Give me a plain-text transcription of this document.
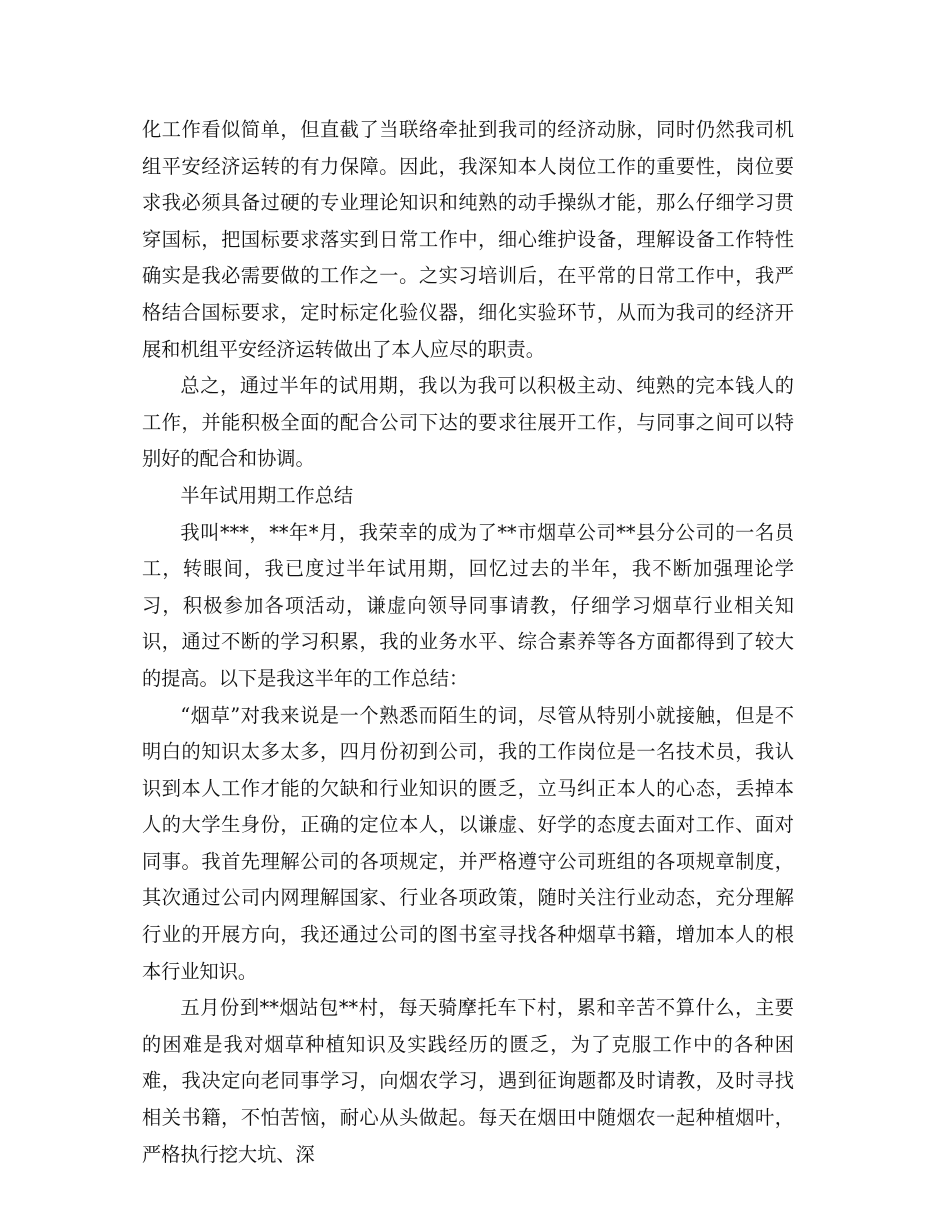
化工作看似简单，但直截了当联络牵扯到我司的经济动脉，同时仍然我司机组平安经济运转的有力保障。因此，我深知本人岗位工作的重要性，岗位要求我必须具备过硬的专业理论知识和纯熟的动手操纵才能，那么仔细学习贯穿国标，把国标要求落实到日常工作中，细心维护设备，理解设备工作特性确实是我必需要做的工作之一。之实习培训后，在平常的日常工作中，我严格结合国标要求，定时标定化验仪器，细化实验环节，从而为我司的经济开展和机组平安经济运转做出了本人应尽的职责。

总之，通过半年的试用期，我以为我可以积极主动、纯熟的完本钱人的工作，并能积极全面的配合公司下达的要求往展开工作，与同事之间可以特别好的配合和协调。

半年试用期工作总结

我叫***，**年*月，我荣幸的成为了**市烟草公司**县分公司的一名员工，转眼间，我已度过半年试用期，回忆过去的半年，我不断加强理论学习，积极参加各项活动，谦虚向领导同事请教，仔细学习烟草行业相关知识，通过不断的学习积累，我的业务水平、综合素养等各方面都得到了较大的提高。以下是我这半年的工作总结：

“烟草”对我来说是一个熟悉而陌生的词，尽管从特别小就接触，但是不明白的知识太多太多，四月份初到公司，我的工作岗位是一名技术员，我认识到本人工作才能的欠缺和行业知识的匮乏，立马纠正本人的心态，丢掉本人的大学生身份，正确的定位本人，以谦虚、好学的态度去面对工作、面对同事。我首先理解公司的各项规定，并严格遵守公司班组的各项规章制度，其次通过公司内网理解国家、行业各项政策，随时关注行业动态，充分理解行业的开展方向，我还通过公司的图书室寻找各种烟草书籍，增加本人的根本行业知识。

五月份到**烟站包**村，每天骑摩托车下村，累和辛苦不算什么，主要的困难是我对烟草种植知识及实践经历的匮乏，为了克服工作中的各种困难，我决定向老同事学习，向烟农学习，遇到征询题都及时请教，及时寻找相关书籍，不怕苦恼，耐心从头做起。每天在烟田中随烟农一起种植烟叶，严格执行挖大坑、深
